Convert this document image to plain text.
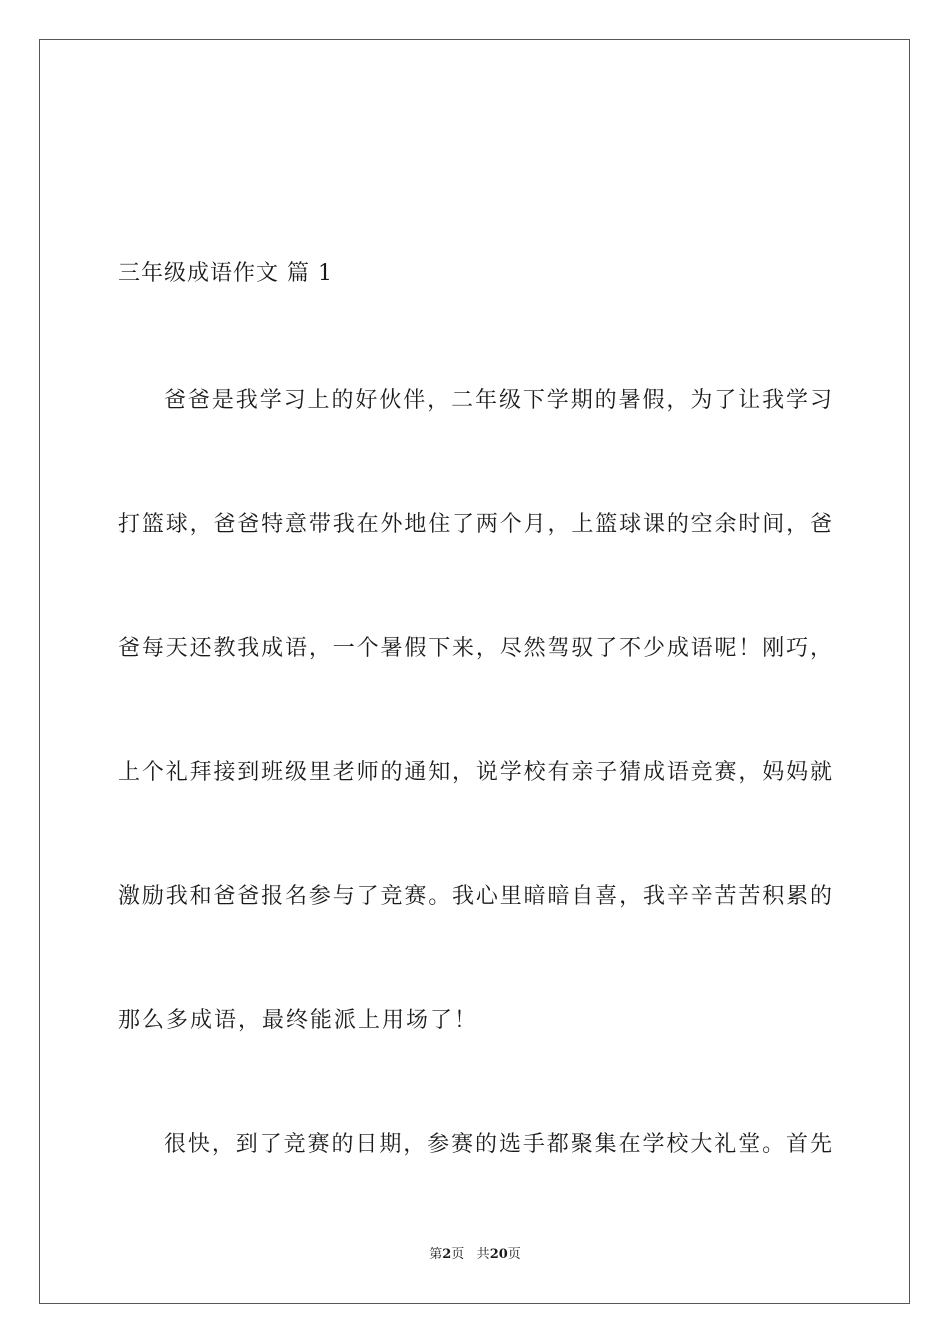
三年级成语作文 篇 1
爸爸是我学习上的好伙伴，二年级下学期的暑假，为了让我学习
打篮球，爸爸特意带我在外地住了两个月，上篮球课的空余时间，爸
爸每天还教我成语，一个暑假下来，尽然驾驭了不少成语呢！刚巧，
上个礼拜接到班级里老师的通知，说学校有亲子猜成语竞赛，妈妈就
激励我和爸爸报名参与了竞赛。我心里暗暗自喜，我辛辛苦苦积累的
那么多成语，最终能派上用场了！
很快，到了竞赛的日期，参赛的选手都聚集在学校大礼堂。首先
第2页 共20页
